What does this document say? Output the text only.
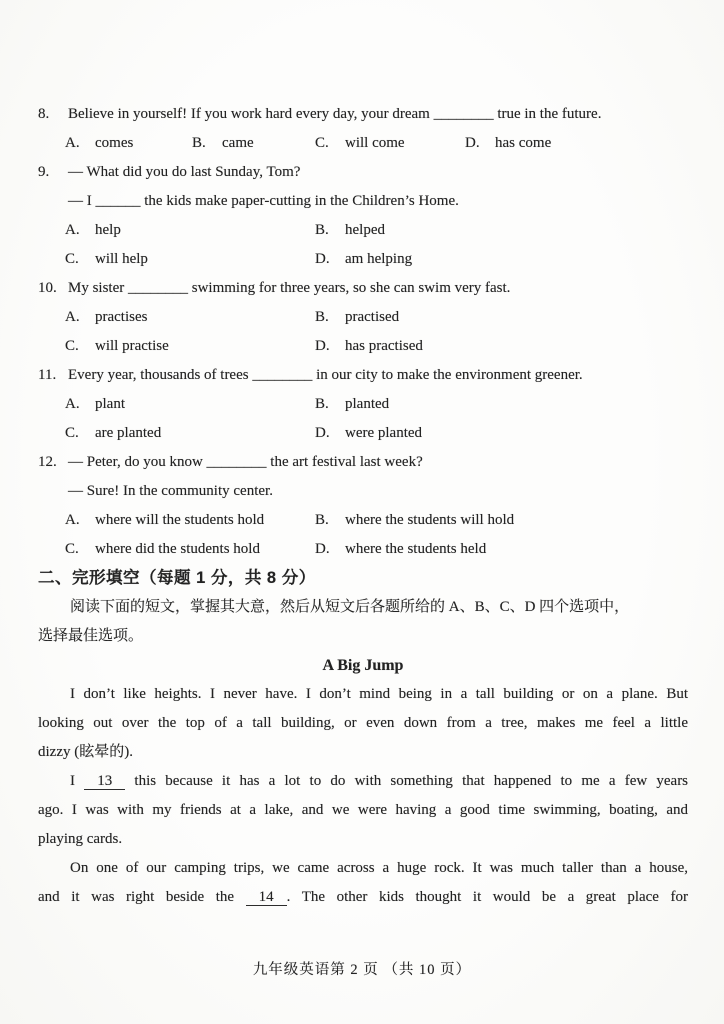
8. Believe in yourself! If you work hard every day, your dream ________ true in the future.
A. comes	B. came	C. will come	D. has come
9. — What did you do last Sunday, Tom?
— I ______ the kids make paper-cutting in the Children’s Home.
A. help	B. helped
C. will help	D. am helping
10. My sister ________ swimming for three years, so she can swim very fast.
A. practises	B. practised
C. will practise	D. has practised
11. Every year, thousands of trees ________ in our city to make the environment greener.
A. plant	B. planted
C. are planted	D. were planted
12. — Peter, do you know ________ the art festival last week?
— Sure! In the community center.
A. where will the students hold	B. where the students will hold
C. where did the students hold	D. where the students held
二、完形填空（每题 1 分，共 8 分）
阅读下面的短文，掌握其大意，然后从短文后各题所给的 A、B、C、D 四个选项中，
选择最佳选项。
A Big Jump
I don’t like heights. I never have. I don’t mind being in a tall building or on a plane. But
looking out over the top of a tall building, or even down from a tree, makes me feel a little
dizzy (眩晕的).
I 13 this because it has a lot to do with something that happened to me a few years
ago. I was with my friends at a lake, and we were having a good time swimming, boating, and
playing cards.
On one of our camping trips, we came across a huge rock. It was much taller than a house,
and it was right beside the 14 . The other kids thought it would be a great place for
九年级英语第 2 页 （共 10 页）
